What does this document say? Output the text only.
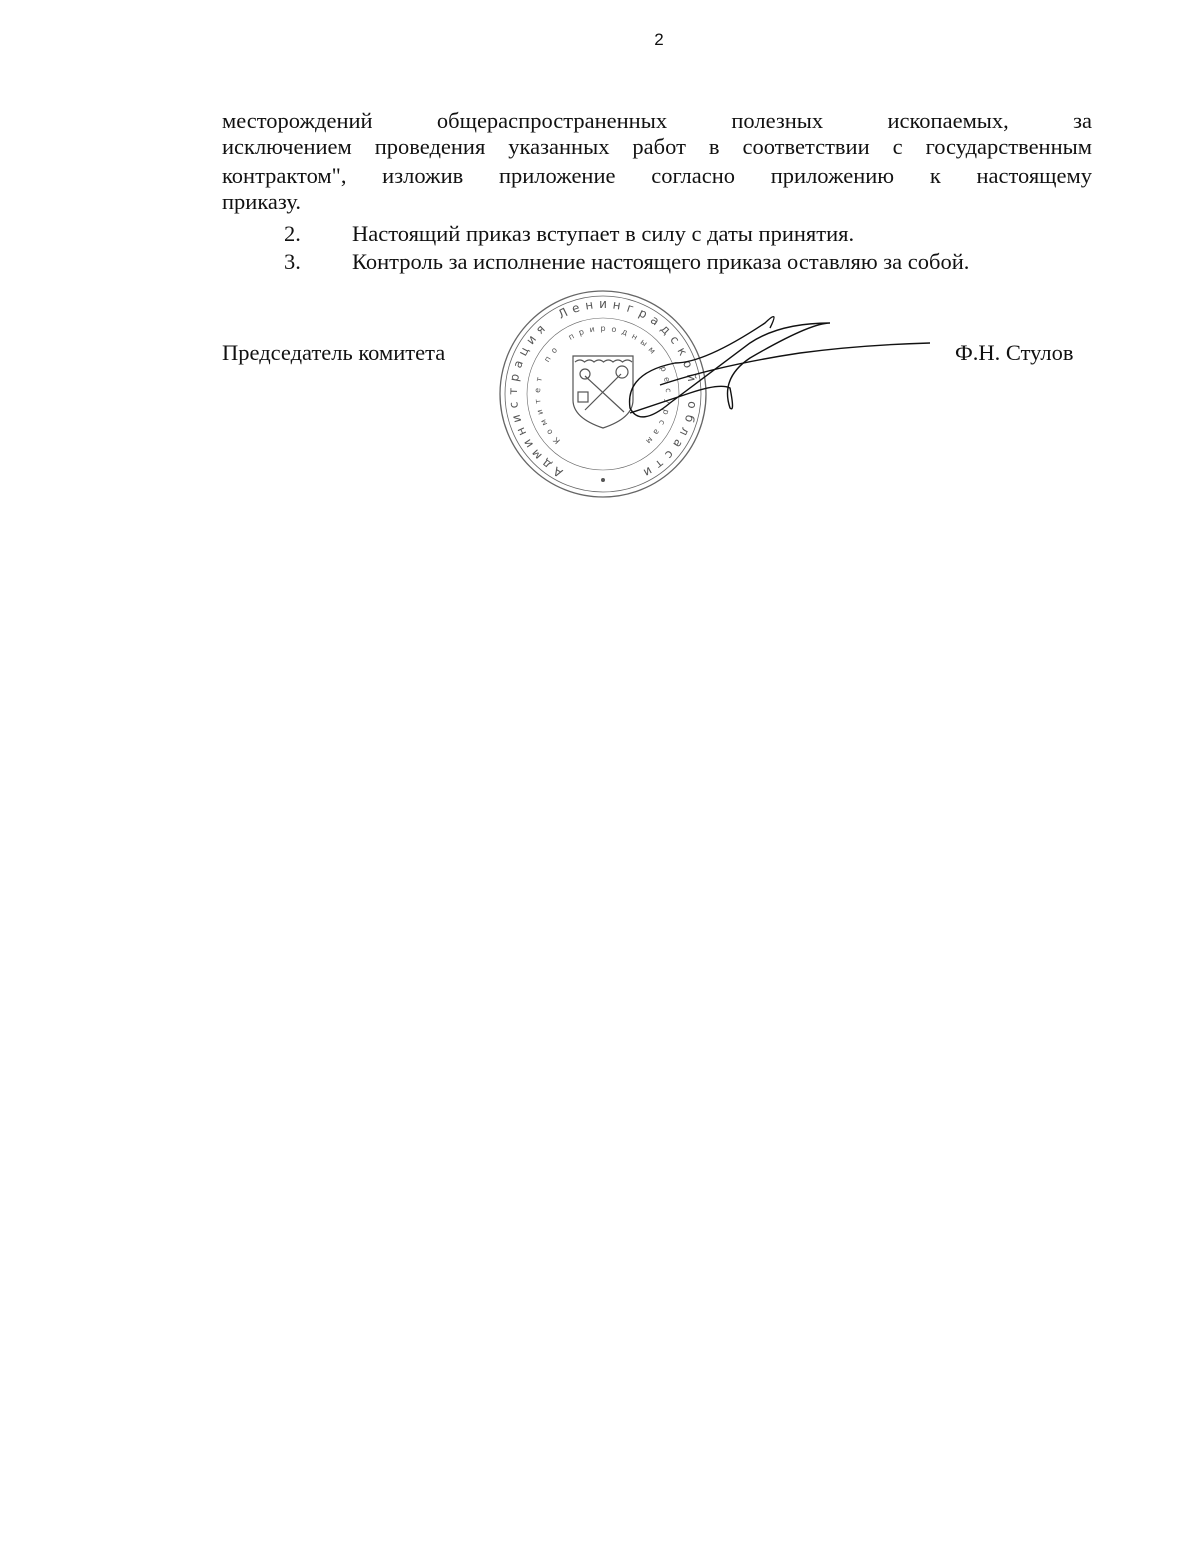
2
месторождений общераспространенных полезных ископаемых, за
исключением проведения указанных работ в соответствии с государственным
контрактом", изложив приложение согласно приложению к настоящему
приказу.
2. Настоящий приказ вступает в силу с даты принятия.
3. Контроль за исполнение настоящего приказа оставляю за собой.
Председатель комитета	Ф.Н. Стулов
А
д
м
и
н
и
с
т
р
а
ц
и
я
Л е н и н г р
а
д
с
к
о
й
о
б
л
а
с
т
и
К
о
м
и
т
е
т
п
о
п р и р о д н
ы
м
р
е
с
у
р
с
а
м
